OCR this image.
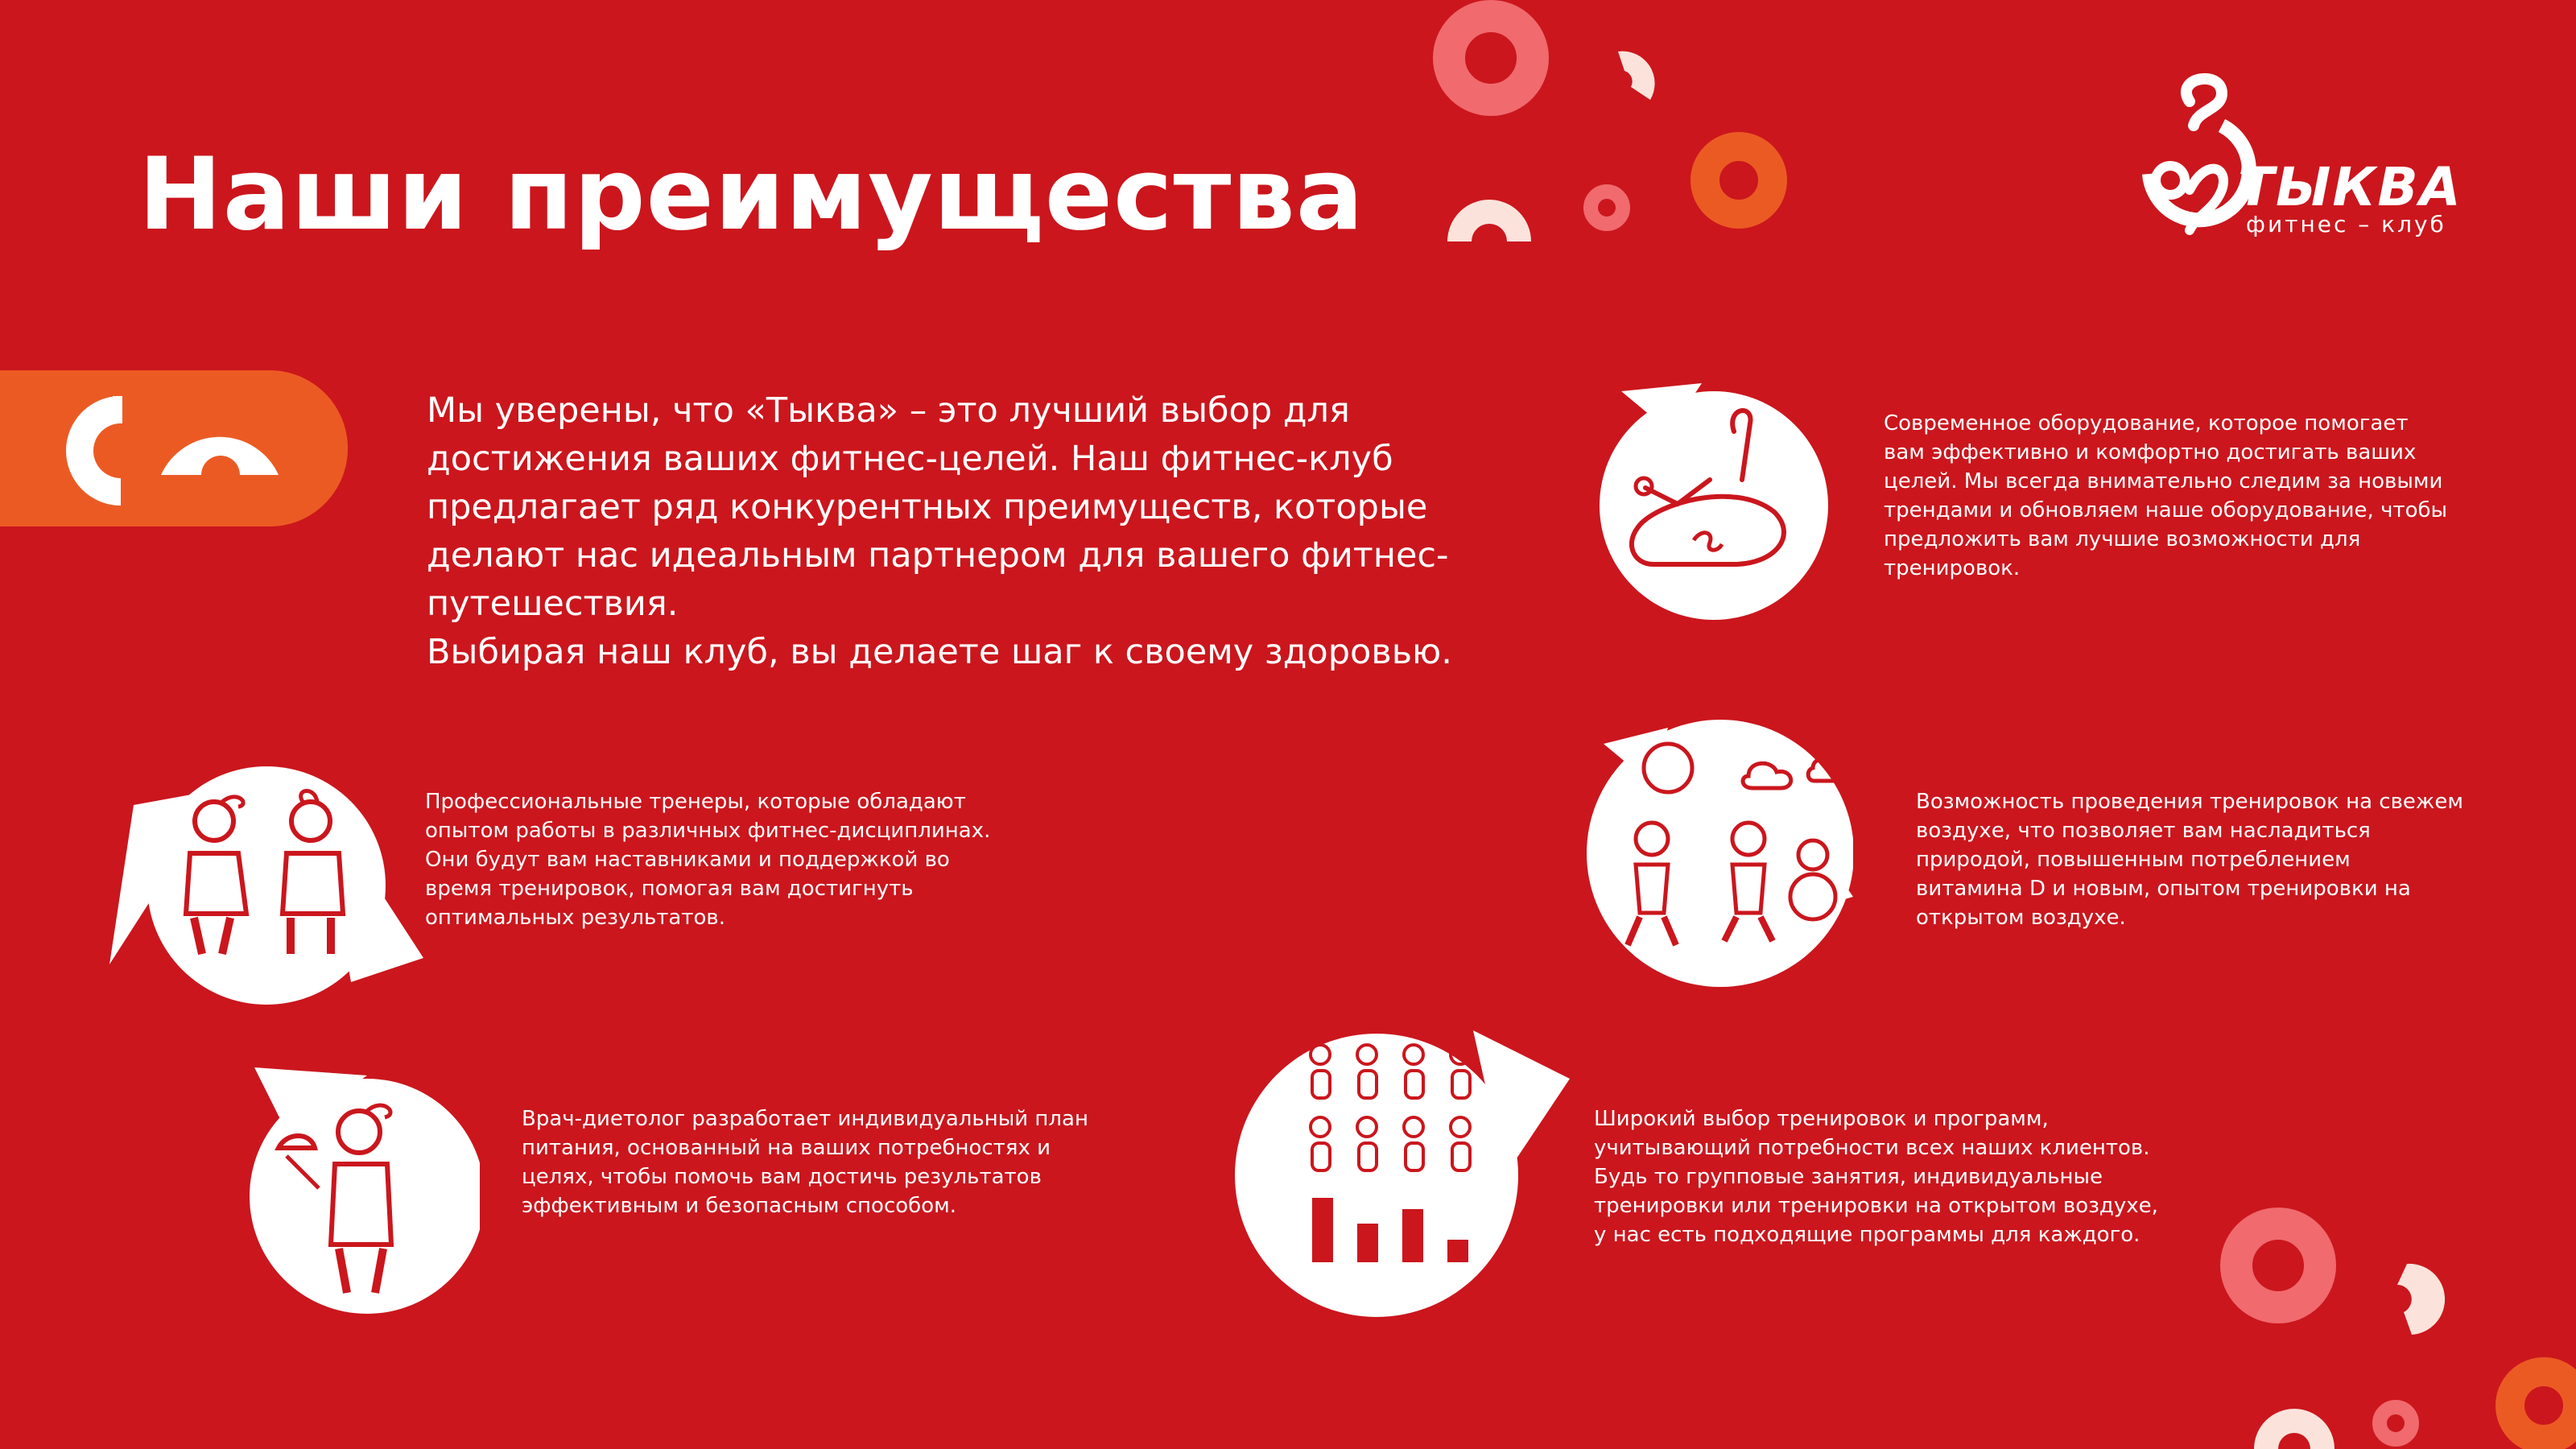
Наши преимущества	ТЫКВА
фитнес – клуб

Мы уверены, что «Тыква» – это лучший выбор для достижения ваших фитнес-целей. Наш фитнес-клуб предлагает ряд конкурентных преимуществ, которые делают нас идеальным партнером для вашего фитнес-путешествия.

Выбирая наш клуб, вы делаете шаг к своему здоровью.

Современное оборудование, которое помогает вам эффективно и комфортно достигать ваших целей. Мы всегда внимательно следим за новыми трендами и обновляем наше оборудование, чтобы предложить вам лучшие возможности для тренировок.
Профессиональные тренеры, которые обладают опытом работы в различных фитнес-дисциплинах. Они будут вам наставниками и поддержкой во время тренировок, помогая вам достигнуть оптимальных результатов.
Возможность проведения тренировок на свежем воздухе, что позволяет вам насладиться природой, повышенным потреблением витамина D и новым, опытом тренировки на открытом воздухе.
Врач-диетолог разработает индивидуальный план питания, основанный на ваших потребностях и целях, чтобы помочь вам достичь результатов эффективным и безопасным способом.
Широкий выбор тренировок и программ, учитывающий потребности всех наших клиентов. Будь то групповые занятия, индивидуальные тренировки или тренировки на открытом воздухе, у нас есть подходящие программы для каждого.
